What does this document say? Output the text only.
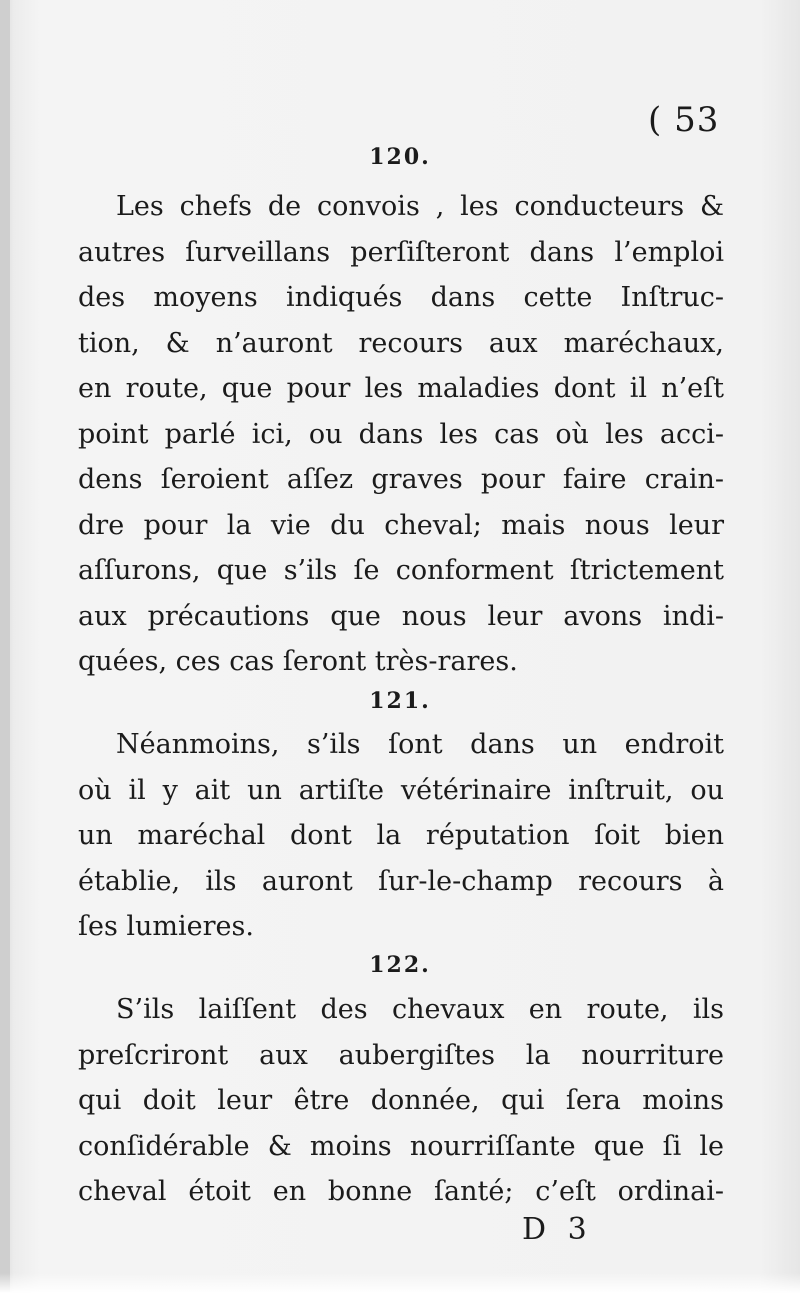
( 53
120.
Les chefs de convois , les conducteurs &
autres ſurveillans perſiſteront dans l’emploi
des moyens indiqués dans cette Inſtruc-
tion, & n’auront recours aux maréchaux,
en route, que pour les maladies dont il n’eſt
point parlé ici, ou dans les cas où les acci-
dens ſeroient aſſez graves pour faire crain-
dre pour la vie du cheval; mais nous leur
aſſurons, que s’ils ſe conforment ſtrictement
aux précautions que nous leur avons indi-
quées, ces cas ſeront très-rares.
121.
Néanmoins, s’ils ſont dans un endroit
où il y ait un artiſte vétérinaire inſtruit, ou
un maréchal dont la réputation ſoit bien
établie, ils auront ſur-le-champ recours à
ſes lumieres.
122.
S’ils laiſſent des chevaux en route, ils
preſcriront aux aubergiſtes la nourriture
qui doit leur être donnée, qui ſera moins
conſidérable & moins nourriſſante que ſi le
cheval étoit en bonne ſanté; c’eſt ordinai-
D 3
